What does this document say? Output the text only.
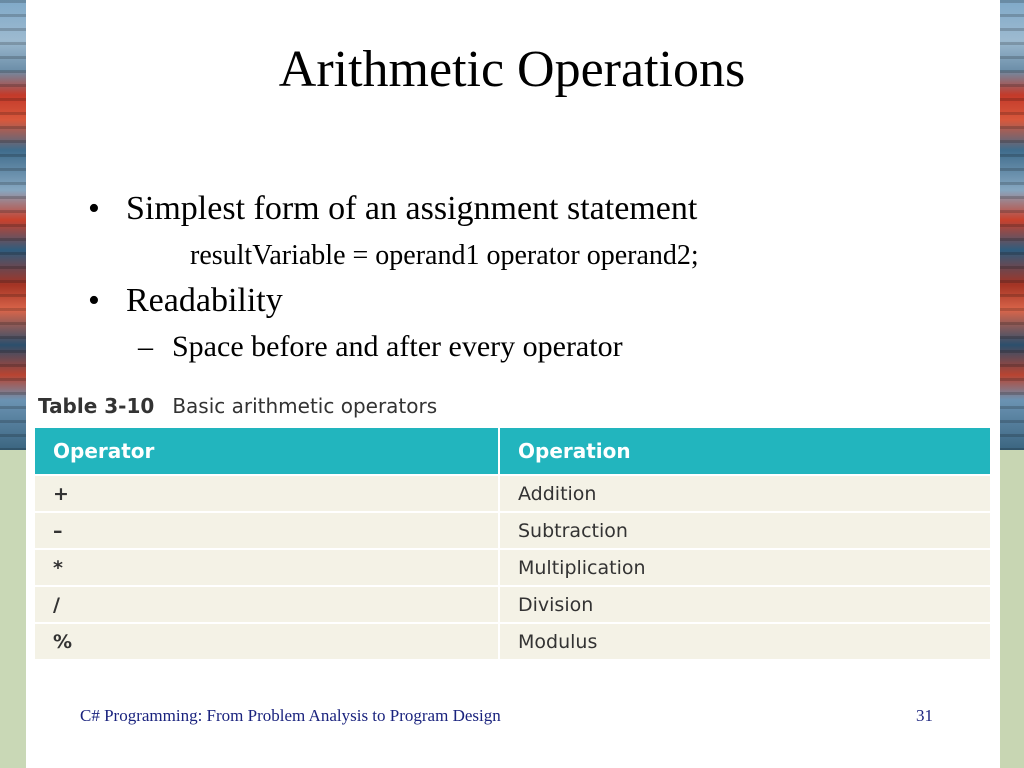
Arithmetic Operations
• Simplest form of an assignment statement
resultVariable = operand1 operator operand2;
• Readability
– Space before and after every operator
Table 3-10 Basic arithmetic operators
Operator	Operation
+	Addition
–	Subtraction
*	Multiplication
/	Division
%	Modulus
C# Programming: From Problem Analysis to Program Design	31
